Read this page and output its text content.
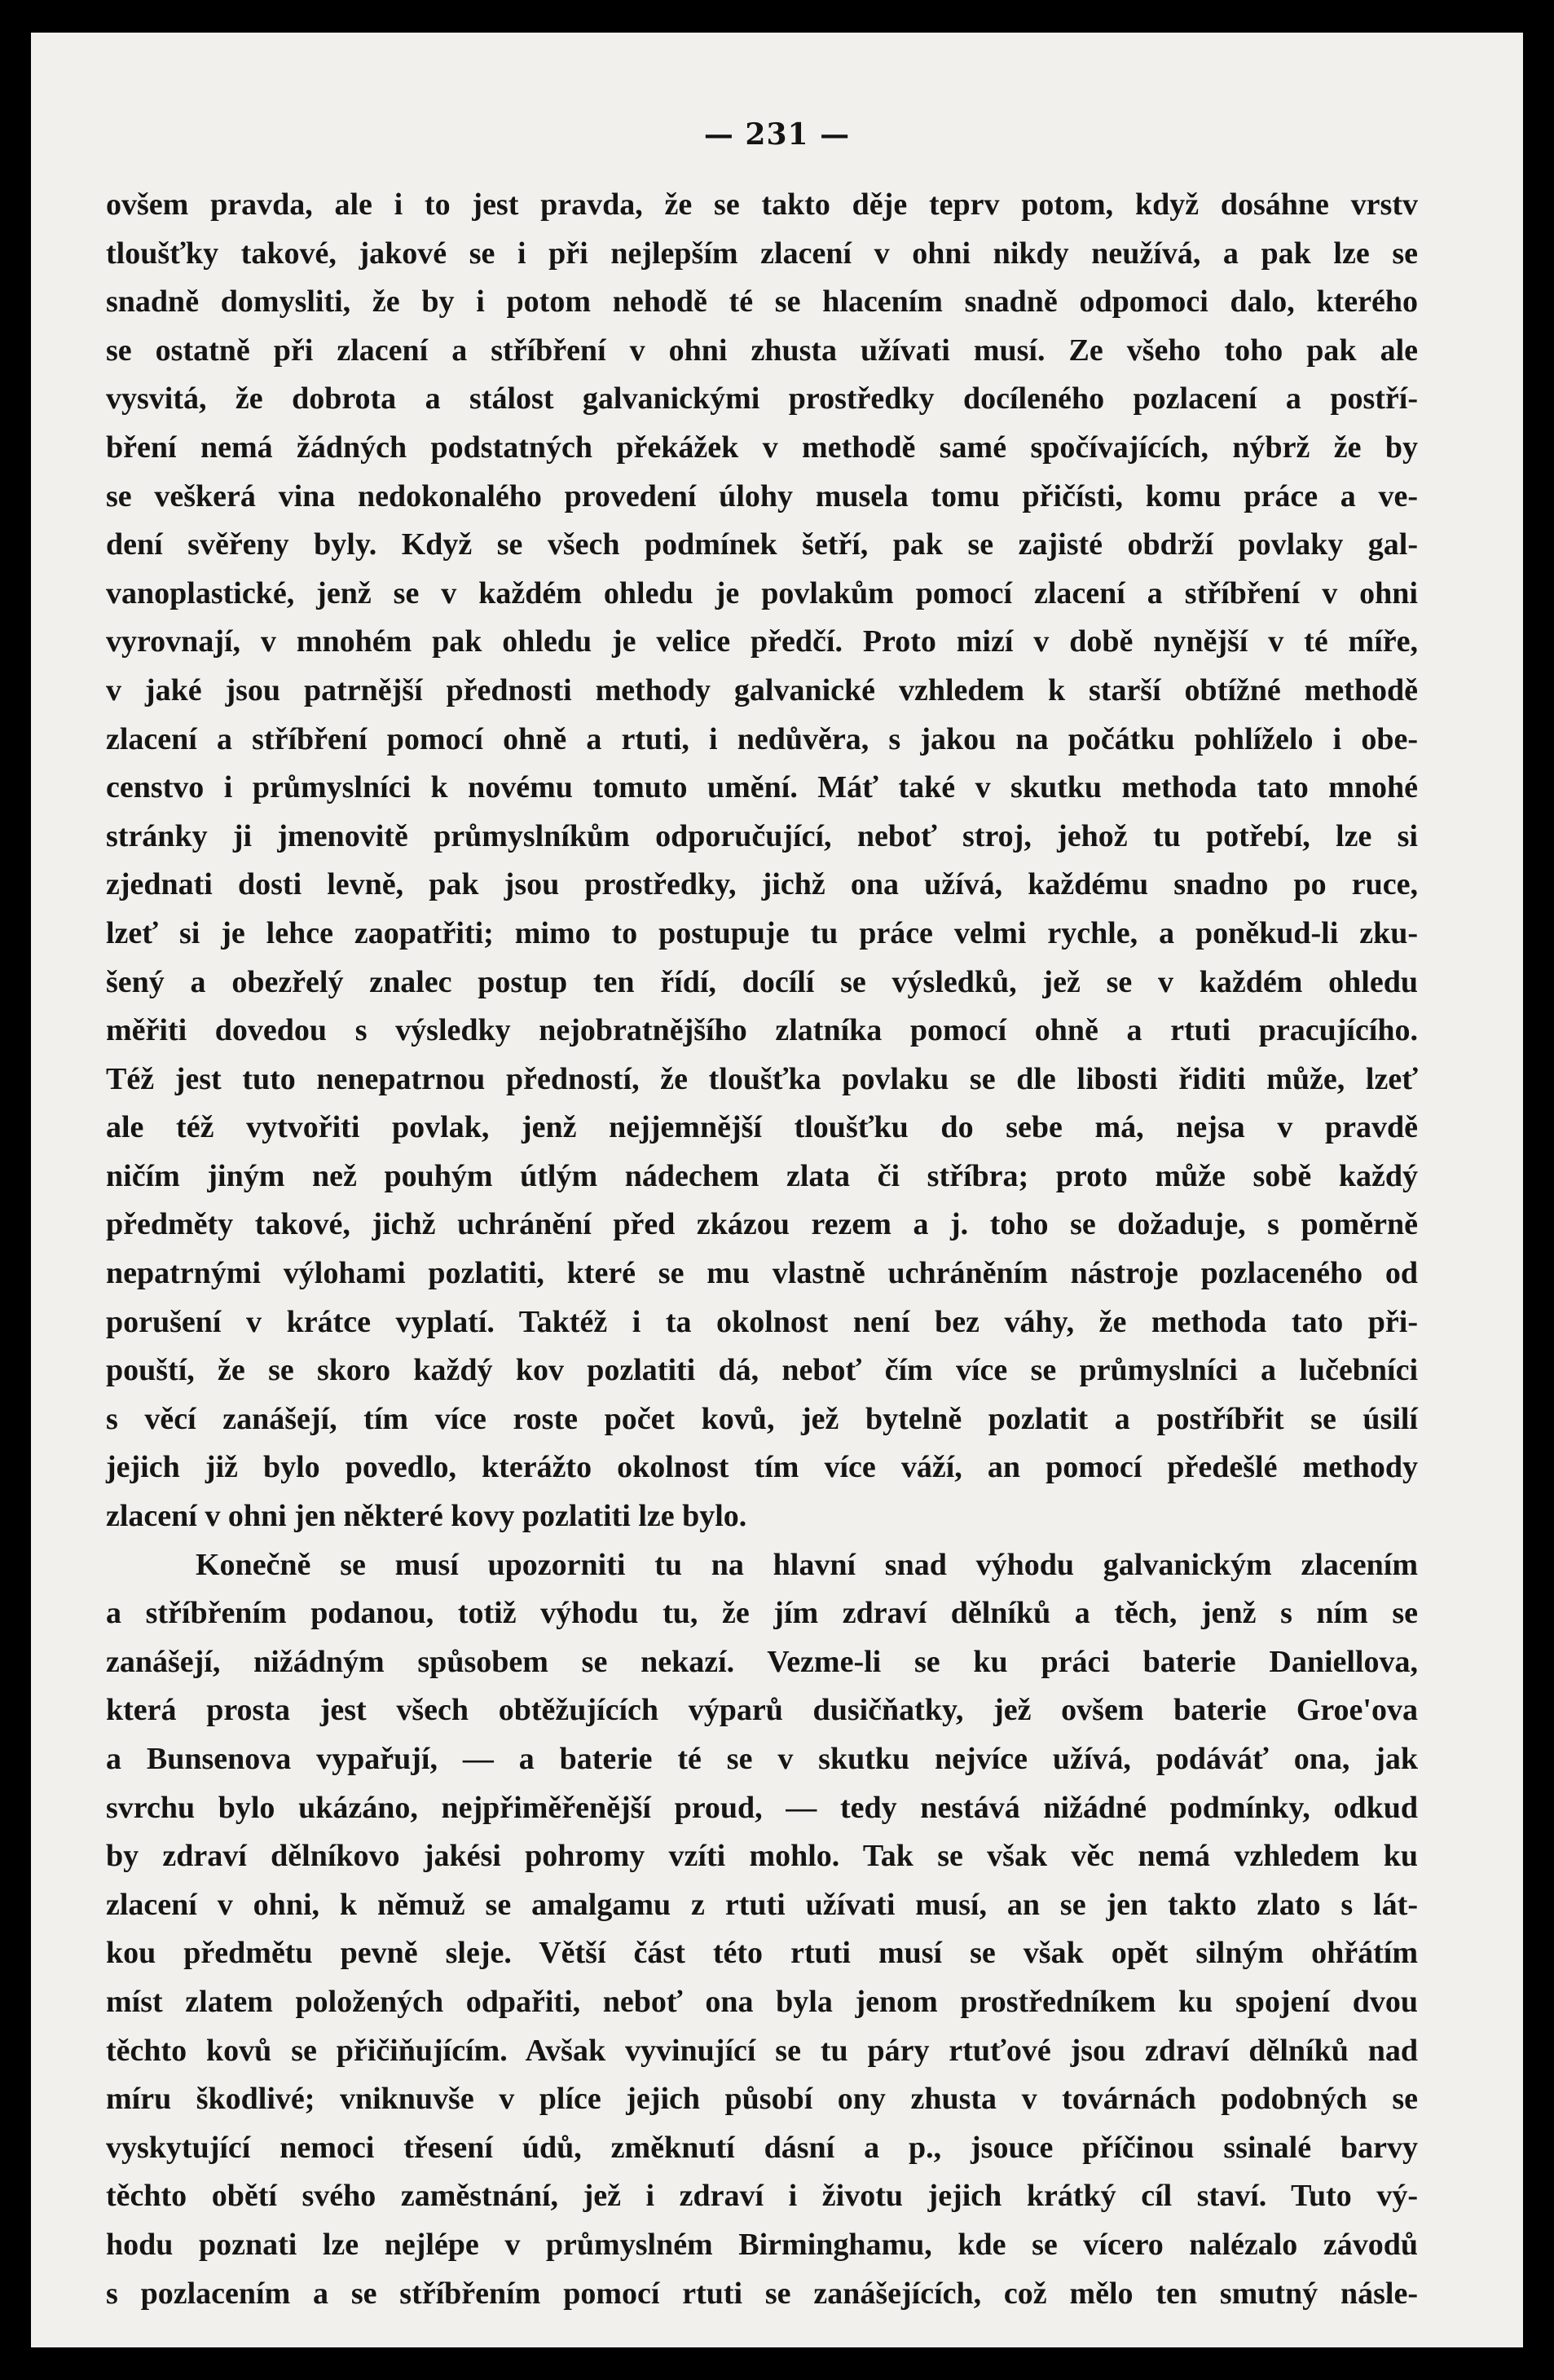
— 231 —
ovšem pravda, ale i to jest pravda, že se takto děje teprv potom, když dosáhne vrstv
tloušťky takové, jakové se i při nejlepším zlacení v ohni nikdy neužívá, a pak lze se
snadně domysliti, že by i potom nehodě té se hlacením snadně odpomoci dalo, kterého
se ostatně při zlacení a stříbření v ohni zhusta užívati musí. Ze všeho toho pak ale
vysvitá, že dobrota a stálost galvanickými prostředky docíleného pozlacení a postří-
bření nemá žádných podstatných překážek v methodě samé spočívajících, nýbrž že by
se veškerá vina nedokonalého provedení úlohy musela tomu přičísti, komu práce a ve-
dení svěřeny byly. Když se všech podmínek šetří, pak se zajisté obdrží povlaky gal-
vanoplastické, jenž se v každém ohledu je povlakům pomocí zlacení a stříbření v ohni
vyrovnají, v mnohém pak ohledu je velice předčí. Proto mizí v době nynější v té míře,
v jaké jsou patrnější přednosti methody galvanické vzhledem k starší obtížné methodě
zlacení a stříbření pomocí ohně a rtuti, i nedůvěra, s jakou na počátku pohlíželo i obe-
censtvo i průmyslníci k novému tomuto umění. Máť také v skutku methoda tato mnohé
stránky ji jmenovitě průmyslníkům odporučující, neboť stroj, jehož tu potřebí, lze si
zjednati dosti levně, pak jsou prostředky, jichž ona užívá, každému snadno po ruce,
lzeť si je lehce zaopatřiti; mimo to postupuje tu práce velmi rychle, a poněkud-li zku-
šený a obezřelý znalec postup ten řídí, docílí se výsledků, jež se v každém ohledu
měřiti dovedou s výsledky nejobratnějšího zlatníka pomocí ohně a rtuti pracujícího.
Též jest tuto nenepatrnou předností, že tloušťka povlaku se dle libosti řiditi může, lzeť
ale též vytvořiti povlak, jenž nejjemnější tloušťku do sebe má, nejsa v pravdě
ničím jiným než pouhým útlým nádechem zlata či stříbra; proto může sobě každý
předměty takové, jichž uchránění před zkázou rezem a j. toho se dožaduje, s poměrně
nepatrnými výlohami pozlatiti, které se mu vlastně uchráněním nástroje pozlaceného od
porušení v krátce vyplatí. Taktéž i ta okolnost není bez váhy, že methoda tato při-
pouští, že se skoro každý kov pozlatiti dá, neboť čím více se průmyslníci a lučebníci
s věcí zanášejí, tím více roste počet kovů, jež bytelně pozlatit a postříbřit se úsilí
jejich již bylo povedlo, kterážto okolnost tím více váží, an pomocí předešlé methody
zlacení v ohni jen některé kovy pozlatiti lze bylo.
Konečně se musí upozorniti tu na hlavní snad výhodu galvanickým zlacením
a stříbřením podanou, totiž výhodu tu, že jím zdraví dělníků a těch, jenž s ním se
zanášejí, nižádným spůsobem se nekazí. Vezme-li se ku práci baterie Daniellova,
která prosta jest všech obtěžujících výparů dusičňatky, jež ovšem baterie Groe'ova
a Bunsenova vypařují, — a baterie té se v skutku nejvíce užívá, podáváť ona, jak
svrchu bylo ukázáno, nejpřiměřenější proud, — tedy nestává nižádné podmínky, odkud
by zdraví dělníkovo jakési pohromy vzíti mohlo. Tak se však věc nemá vzhledem ku
zlacení v ohni, k němuž se amalgamu z rtuti užívati musí, an se jen takto zlato s lát-
kou předmětu pevně sleje. Větší část této rtuti musí se však opět silným ohřátím
míst zlatem položených odpařiti, neboť ona byla jenom prostředníkem ku spojení dvou
těchto kovů se přičiňujícím. Avšak vyvinující se tu páry rtuťové jsou zdraví dělníků nad
míru škodlivé; vniknuvše v plíce jejich působí ony zhusta v továrnách podobných se
vyskytující nemoci třesení údů, změknutí dásní a p., jsouce příčinou ssinalé barvy
těchto obětí svého zaměstnání, jež i zdraví i životu jejich krátký cíl staví. Tuto vý-
hodu poznati lze nejlépe v průmyslném Birminghamu, kde se vícero nalézalo závodů
s pozlacením a se stříbřením pomocí rtuti se zanášejících, což mělo ten smutný násle-
